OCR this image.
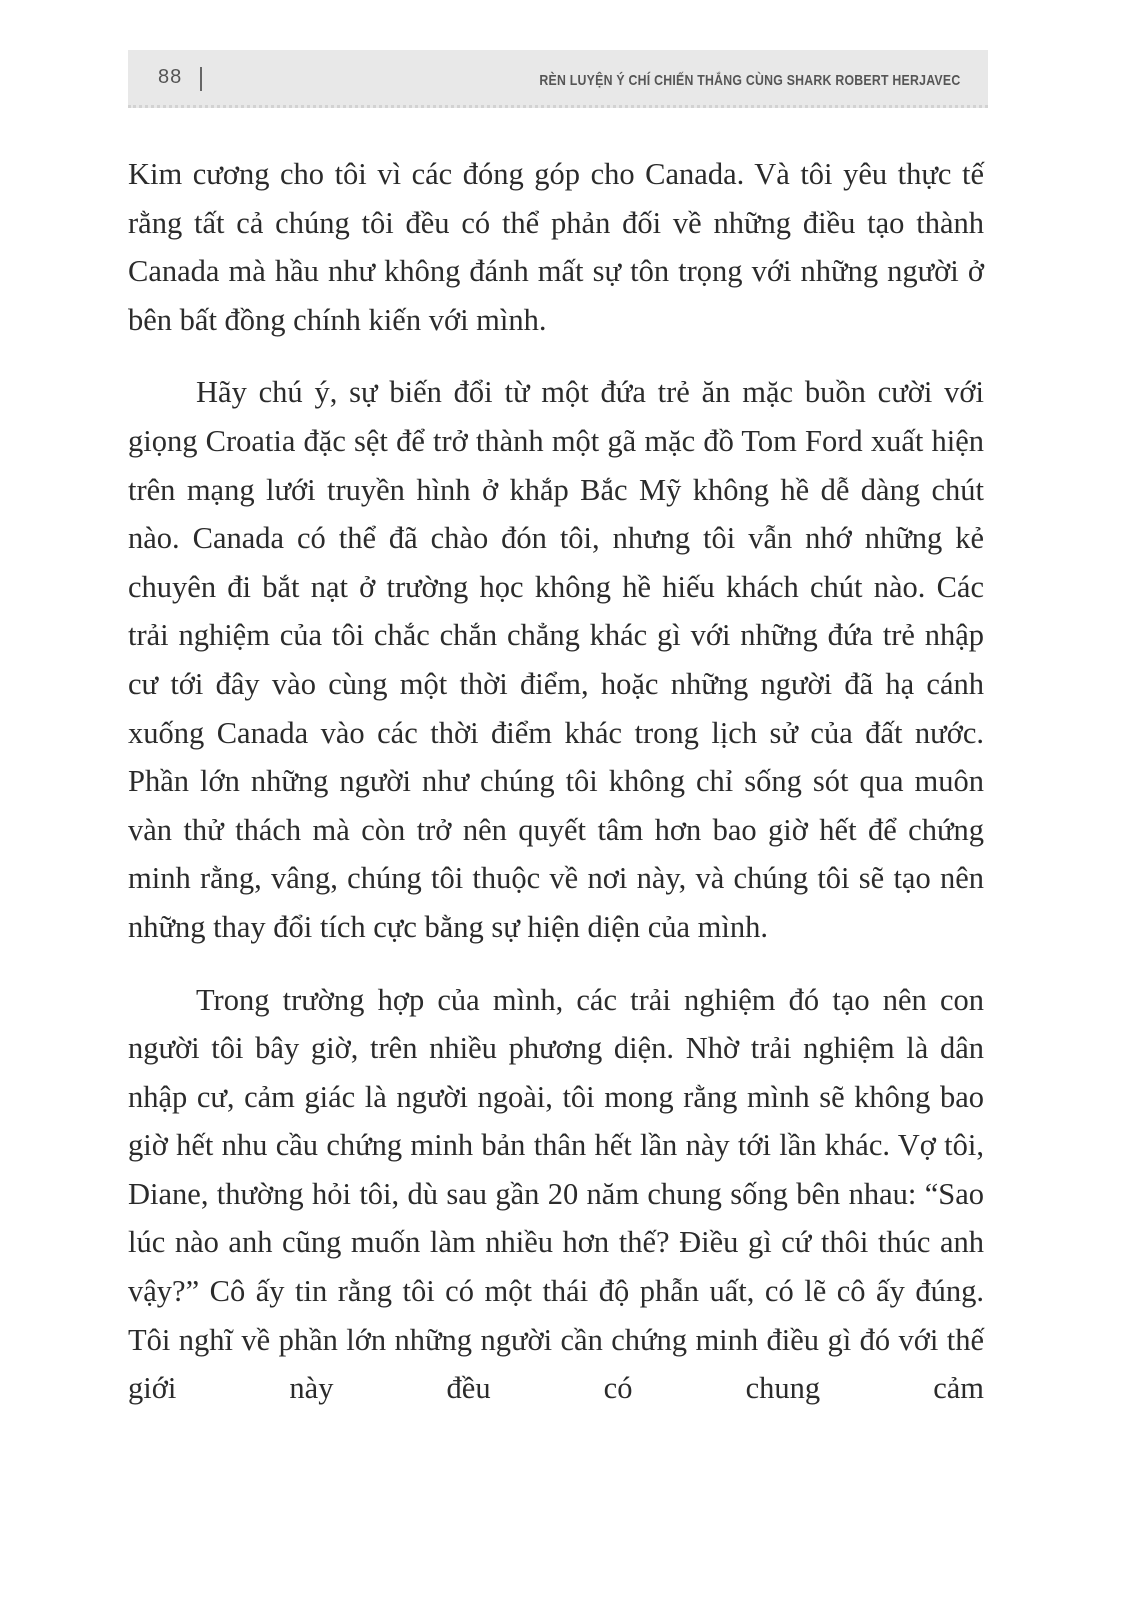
88	RÈN LUYỆN Ý CHÍ CHIẾN THẮNG CÙNG SHARK ROBERT HERJAVEC

Kim cương cho tôi vì các đóng góp cho Canada. Và tôi yêu thực tế rằng tất cả chúng tôi đều có thể phản đối về những điều tạo thành Canada mà hầu như không đánh mất sự tôn trọng với những người ở bên bất đồng chính kiến với mình.

Hãy chú ý, sự biến đổi từ một đứa trẻ ăn mặc buồn cười với giọng Croatia đặc sệt để trở thành một gã mặc đồ Tom Ford xuất hiện trên mạng lưới truyền hình ở khắp Bắc Mỹ không hề dễ dàng chút nào. Canada có thể đã chào đón tôi, nhưng tôi vẫn nhớ những kẻ chuyên đi bắt nạt ở trường học không hề hiếu khách chút nào. Các trải nghiệm của tôi chắc chắn chẳng khác gì với những đứa trẻ nhập cư tới đây vào cùng một thời điểm, hoặc những người đã hạ cánh xuống Canada vào các thời điểm khác trong lịch sử của đất nước. Phần lớn những người như chúng tôi không chỉ sống sót qua muôn vàn thử thách mà còn trở nên quyết tâm hơn bao giờ hết để chứng minh rằng, vâng, chúng tôi thuộc về nơi này, và chúng tôi sẽ tạo nên những thay đổi tích cực bằng sự hiện diện của mình.

Trong trường hợp của mình, các trải nghiệm đó tạo nên con người tôi bây giờ, trên nhiều phương diện. Nhờ trải nghiệm là dân nhập cư, cảm giác là người ngoài, tôi mong rằng mình sẽ không bao giờ hết nhu cầu chứng minh bản thân hết lần này tới lần khác. Vợ tôi, Diane, thường hỏi tôi, dù sau gần 20 năm chung sống bên nhau: “Sao lúc nào anh cũng muốn làm nhiều hơn thế? Điều gì cứ thôi thúc anh vậy?” Cô ấy tin rằng tôi có một thái độ phẫn uất, có lẽ cô ấy đúng. Tôi nghĩ về phần lớn những người cần chứng minh điều gì đó với thế giới này đều có chung cảm
